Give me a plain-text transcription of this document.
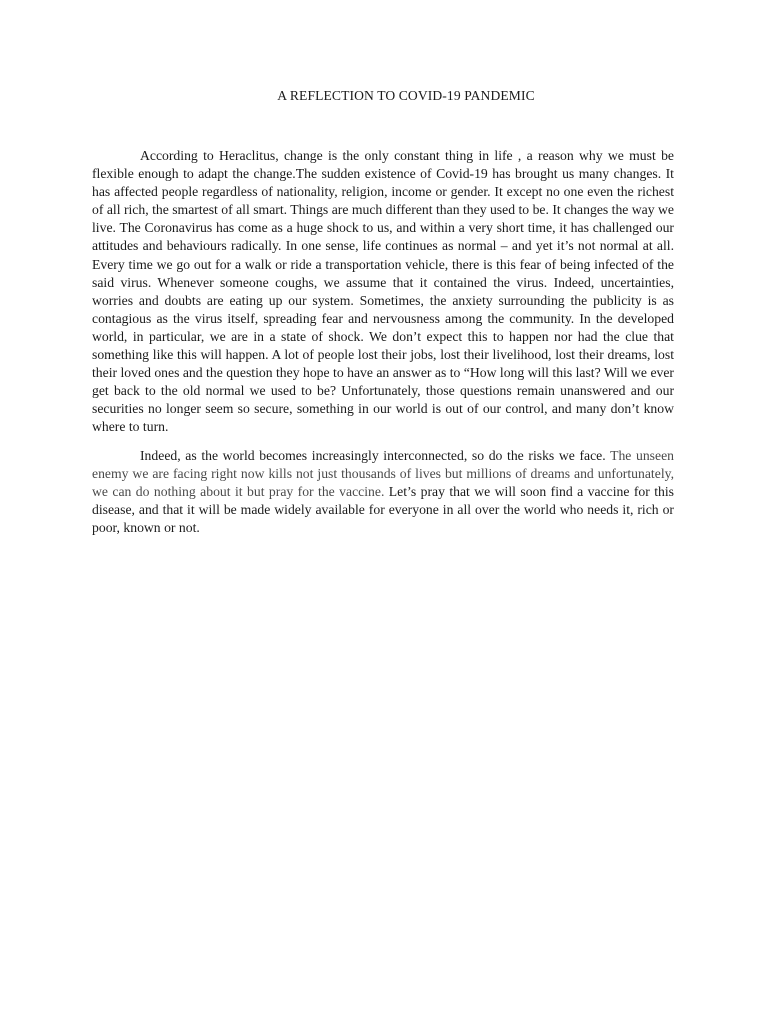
A REFLECTION TO COVID-19 PANDEMIC

According to Heraclitus, change is the only constant thing in life , a reason why we must be flexible enough to adapt the change.The sudden existence of Covid-19 has brought us many changes. It has affected people regardless of nationality, religion, income or gender. It except no one even the richest of all rich, the smartest of all smart. Things are much different than they used to be. It changes the way we live. The Coronavirus has come as a huge shock to us, and within a very short time, it has challenged our attitudes and behaviours radically. In one sense, life continues as normal – and yet it’s not normal at all. Every time we go out for a walk or ride a transportation vehicle, there is this fear of being infected of the said virus. Whenever someone coughs, we assume that it contained the virus. Indeed, uncertainties, worries and doubts are eating up our system. Sometimes, the anxiety surrounding the publicity is as contagious as the virus itself, spreading fear and nervousness among the community. In the developed world, in particular, we are in a state of shock. We don’t expect this to happen nor had the clue that something like this will happen. A lot of people lost their jobs, lost their livelihood, lost their dreams, lost their loved ones and the question they hope to have an answer as to “How long will this last? Will we ever get back to the old normal we used to be? Unfortunately, those questions remain unanswered and our securities no longer seem so secure, something in our world is out of our control, and many don’t know where to turn.

Indeed, as the world becomes increasingly interconnected, so do the risks we face. The unseen enemy we are facing right now kills not just thousands of lives but millions of dreams and unfortunately, we can do nothing about it but pray for the vaccine. Let’s pray that we will soon find a vaccine for this disease, and that it will be made widely available for everyone in all over the world who needs it, rich or poor, known or not.
